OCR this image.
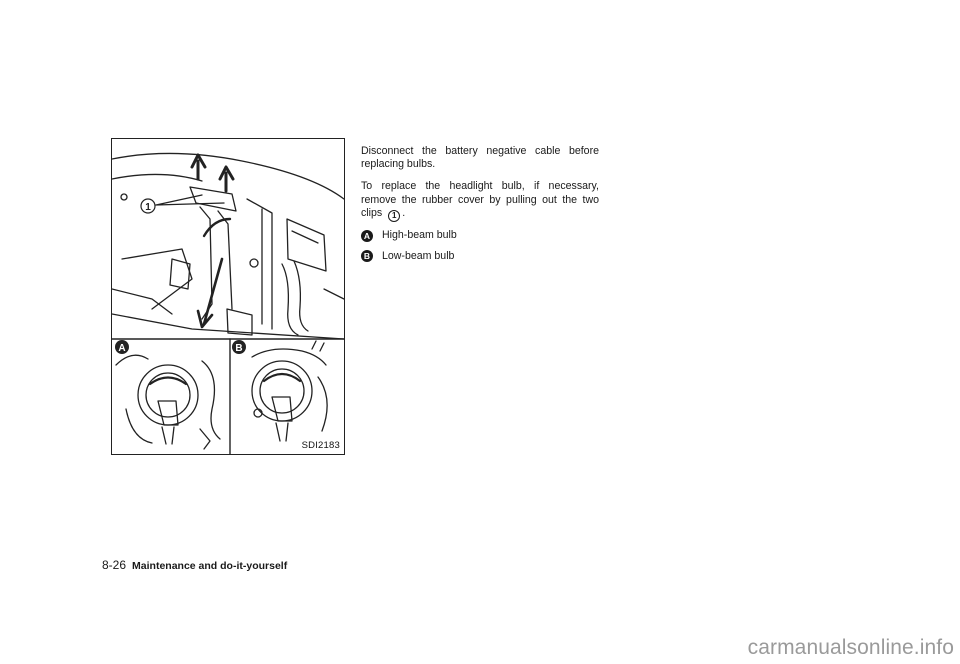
1
A	B
SDI2183

Disconnect the battery negative cable before replacing bulbs.

To replace the headlight bulb, if necessary, remove the rubber cover by pulling out the two clips 1 .

A High-beam bulb
B Low-beam bulb
8-26 Maintenance and do-it-yourself
carmanualsonline.info
